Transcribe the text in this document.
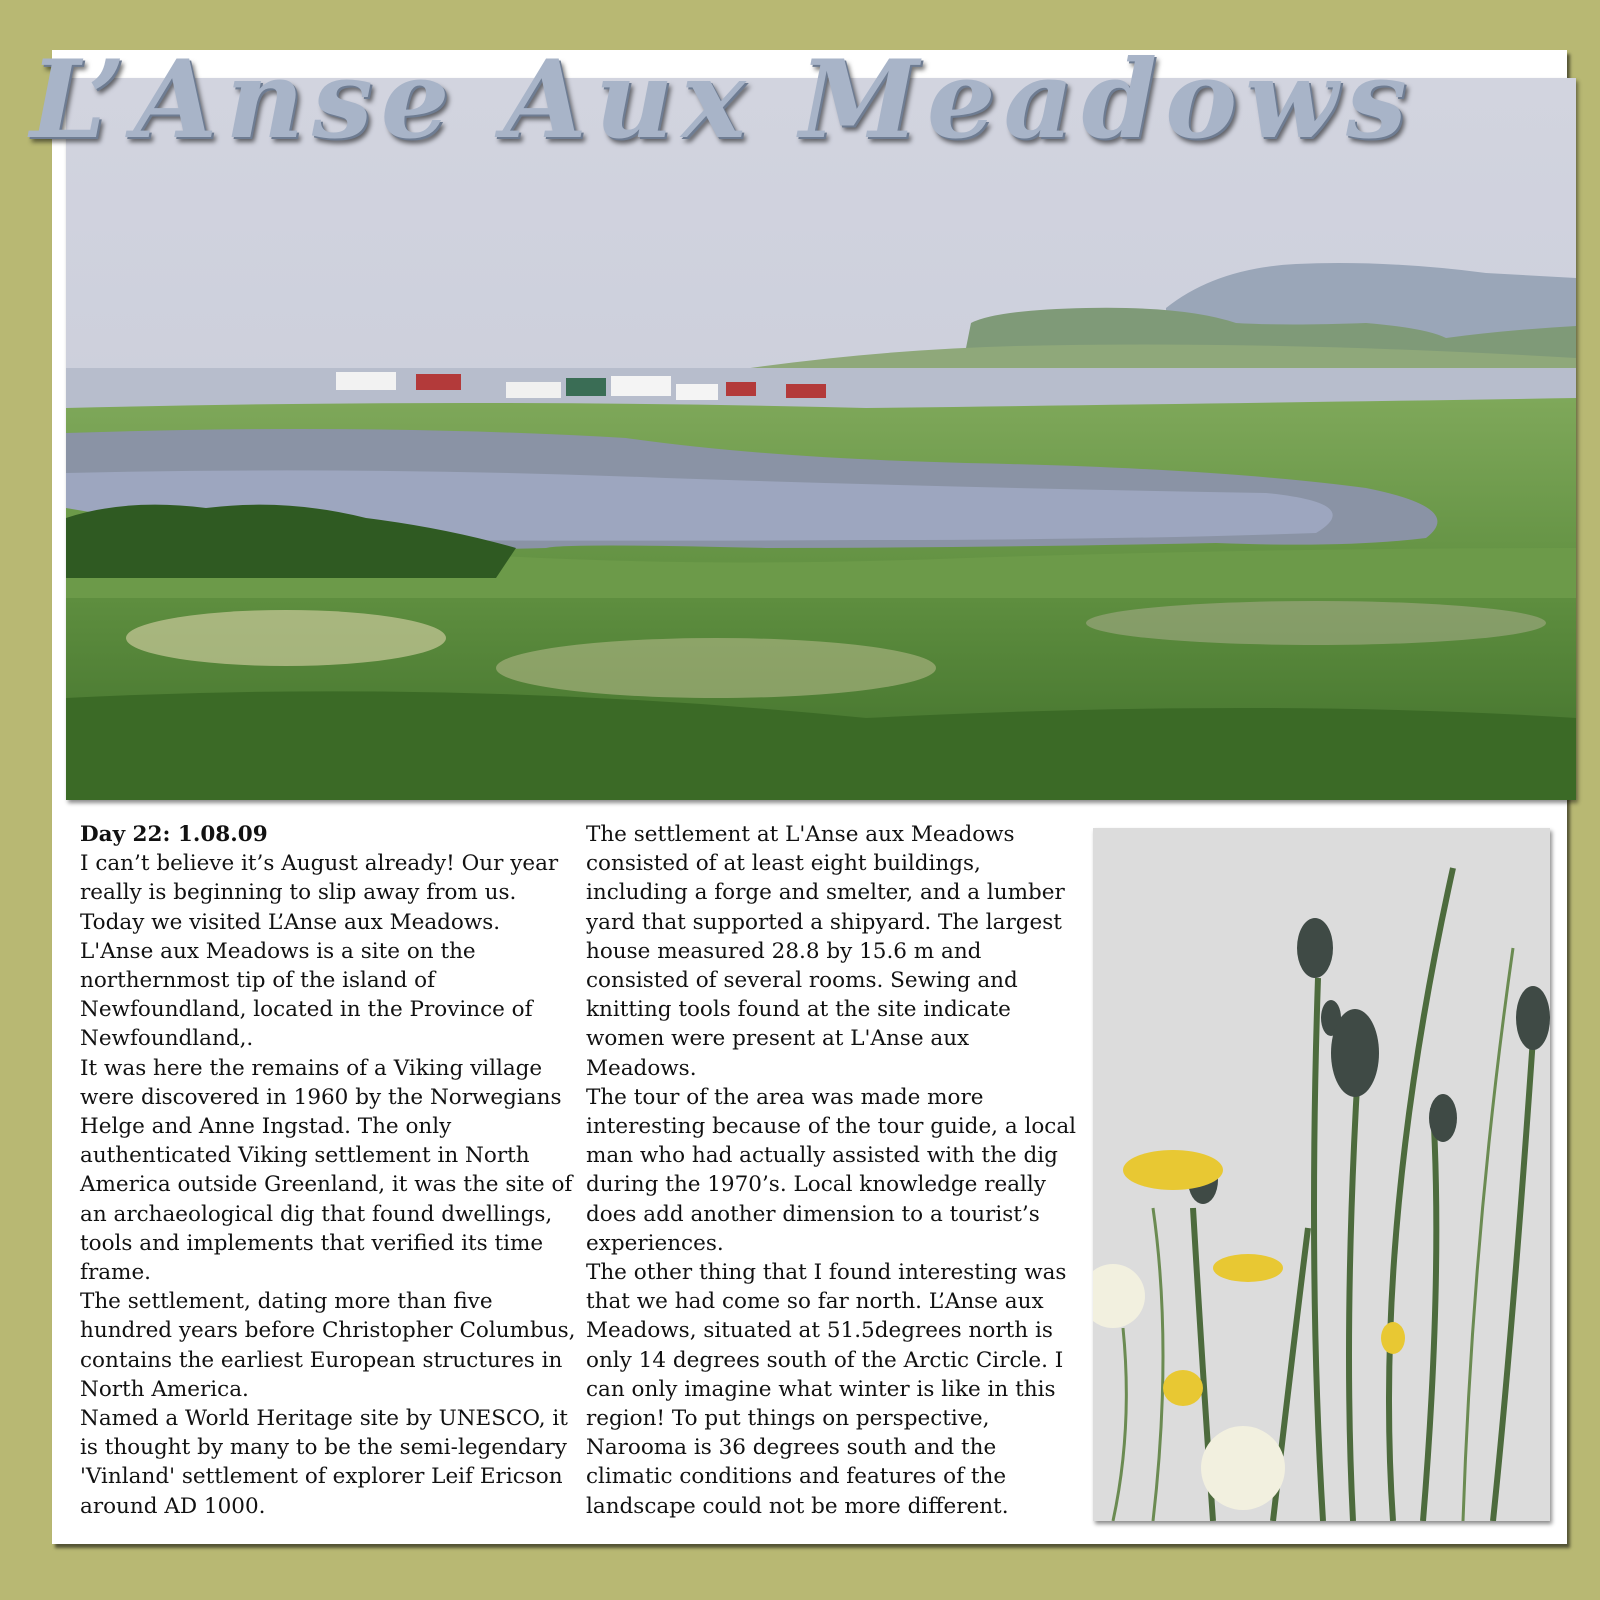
L’Anse Aux Meadows

Day 22: 1.08.09

I can’t believe it’s August already! Our year really is beginning to slip away from us. Today we visited L’Anse aux Meadows.

L'Anse aux Meadows is a site on the northernmost tip of the island of Newfoundland, located in the Province of Newfoundland,.

It was here the remains of a Viking village were discovered in 1960 by the Norwegians Helge and Anne Ingstad. The only authenticated Viking settlement in North America outside Greenland, it was the site of an archaeological dig that found dwellings, tools and implements that verified its time frame.

The settlement, dating more than five hundred years before Christopher Columbus, contains the earliest European structures in North America.

Named a World Heritage site by UNESCO, it is thought by many to be the semi-legendary 'Vinland' settlement of explorer Leif Ericson around AD 1000.

The settlement at L'Anse aux Meadows consisted of at least eight buildings, including a forge and smelter, and a lumber yard that supported a shipyard. The largest house measured 28.8 by 15.6 m and consisted of several rooms. Sewing and knitting tools found at the site indicate women were present at L'Anse aux Meadows.

The tour of the area was made more interesting because of the tour guide, a local man who had actually assisted with the dig during the 1970’s. Local knowledge really does add another dimension to a tourist’s experiences.

The other thing that I found interesting was that we had come so far north. L’Anse aux Meadows, situated at 51.5degrees north is only 14 degrees south of the Arctic Circle. I can only imagine what winter is like in this region! To put things on perspective, Narooma is 36 degrees south and the climatic conditions and features of the landscape could not be more different.
